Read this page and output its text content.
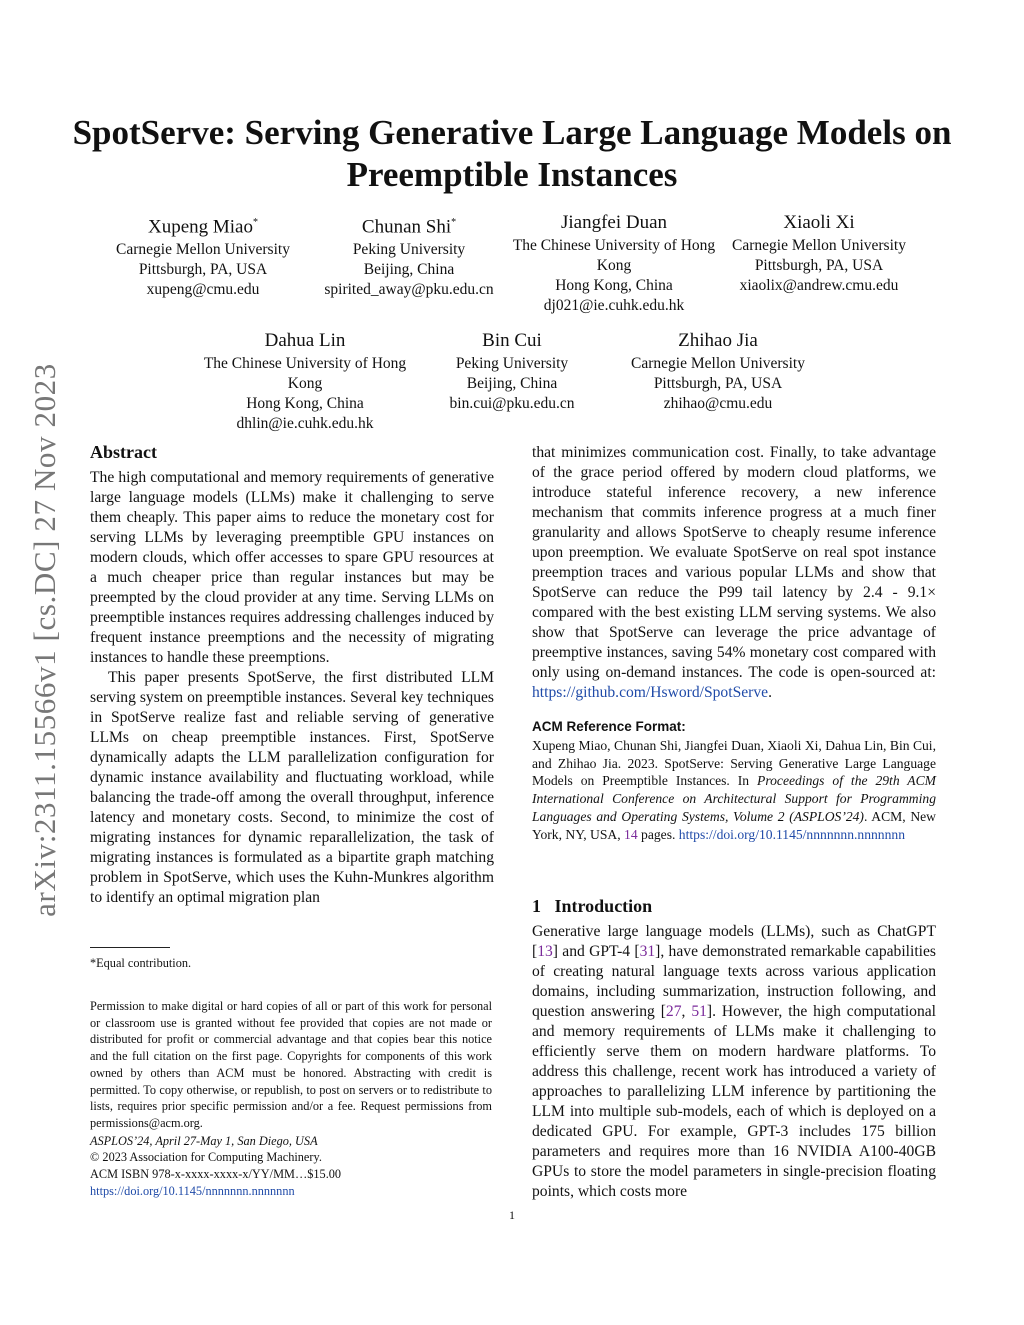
arXiv:2311.15566v1 [cs.DC] 27 Nov 2023
SpotServe: Serving Generative Large Language Models on Preemptible Instances
Xupeng Miao*
Carnegie Mellon University
Pittsburgh, PA, USA
xupeng@cmu.edu
Chunan Shi*
Peking University
Beijing, China
spirited_away@pku.edu.cn
Jiangfei Duan
The Chinese University of Hong Kong
Hong Kong, China
dj021@ie.cuhk.edu.hk
Xiaoli Xi
Carnegie Mellon University
Pittsburgh, PA, USA
xiaolix@andrew.cmu.edu
Dahua Lin
The Chinese University of Hong Kong
Hong Kong, China
dhlin@ie.cuhk.edu.hk
Bin Cui
Peking University
Beijing, China
bin.cui@pku.edu.cn
Zhihao Jia
Carnegie Mellon University
Pittsburgh, PA, USA
zhihao@cmu.edu
Abstract

The high computational and memory requirements of generative large language models (LLMs) make it challenging to serve them cheaply. This paper aims to reduce the monetary cost for serving LLMs by leveraging preemptible GPU instances on modern clouds, which offer accesses to spare GPU resources at a much cheaper price than regular instances but may be preempted by the cloud provider at any time. Serving LLMs on preemptible instances requires addressing challenges induced by frequent instance preemptions and the necessity of migrating instances to handle these preemptions.

This paper presents SpotServe, the first distributed LLM serving system on preemptible instances. Several key techniques in SpotServe realize fast and reliable serving of generative LLMs on cheap preemptible instances. First, SpotServe dynamically adapts the LLM parallelization configuration for dynamic instance availability and fluctuating workload, while balancing the trade-off among the overall throughput, inference latency and monetary costs. Second, to minimize the cost of migrating instances for dynamic reparallelization, the task of migrating instances is formulated as a bipartite graph matching problem in SpotServe, which uses the Kuhn-Munkres algorithm to identify an optimal migration plan

*Equal contribution.
Permission to make digital or hard copies of all or part of this work for personal or classroom use is granted without fee provided that copies are not made or distributed for profit or commercial advantage and that copies bear this notice and the full citation on the first page. Copyrights for components of this work owned by others than ACM must be honored. Abstracting with credit is permitted. To copy otherwise, or republish, to post on servers or to redistribute to lists, requires prior specific permission and/or a fee. Request permissions from permissions@acm.org.
ASPLOS’24, April 27-May 1, San Diego, USA
© 2023 Association for Computing Machinery.
ACM ISBN 978-x-xxxx-xxxx-x/YY/MM…$15.00
https://doi.org/10.1145/nnnnnnn.nnnnnnn

that minimizes communication cost. Finally, to take advantage of the grace period offered by modern cloud platforms, we introduce stateful inference recovery, a new inference mechanism that commits inference progress at a much finer granularity and allows SpotServe to cheaply resume inference upon preemption. We evaluate SpotServe on real spot instance preemption traces and various popular LLMs and show that SpotServe can reduce the P99 tail latency by 2.4 - 9.1× compared with the best existing LLM serving systems. We also show that SpotServe can leverage the price advantage of preemptive instances, saving 54% monetary cost compared with only using on-demand instances. The code is open-sourced at: https://github.com/Hsword/SpotServe.

ACM Reference Format:

Xupeng Miao, Chunan Shi, Jiangfei Duan, Xiaoli Xi, Dahua Lin, Bin Cui, and Zhihao Jia. 2023. SpotServe: Serving Generative Large Language Models on Preemptible Instances. In Proceedings of the 29th ACM International Conference on Architectural Support for Programming Languages and Operating Systems, Volume 2 (ASPLOS’24). ACM, New York, NY, USA, 14 pages. https://doi.org/10.1145/nnnnnnn.nnnnnnn

1 Introduction

Generative large language models (LLMs), such as ChatGPT [13] and GPT-4 [31], have demonstrated remarkable capabilities of creating natural language texts across various application domains, including summarization, instruction following, and question answering [27, 51]. However, the high computational and memory requirements of LLMs make it challenging to efficiently serve them on modern hardware platforms. To address this challenge, recent work has introduced a variety of approaches to parallelizing LLM inference by partitioning the LLM into multiple sub-models, each of which is deployed on a dedicated GPU. For example, GPT-3 includes 175 billion parameters and requires more than 16 NVIDIA A100-40GB GPUs to store the model parameters in single-precision floating points, which costs more

1
